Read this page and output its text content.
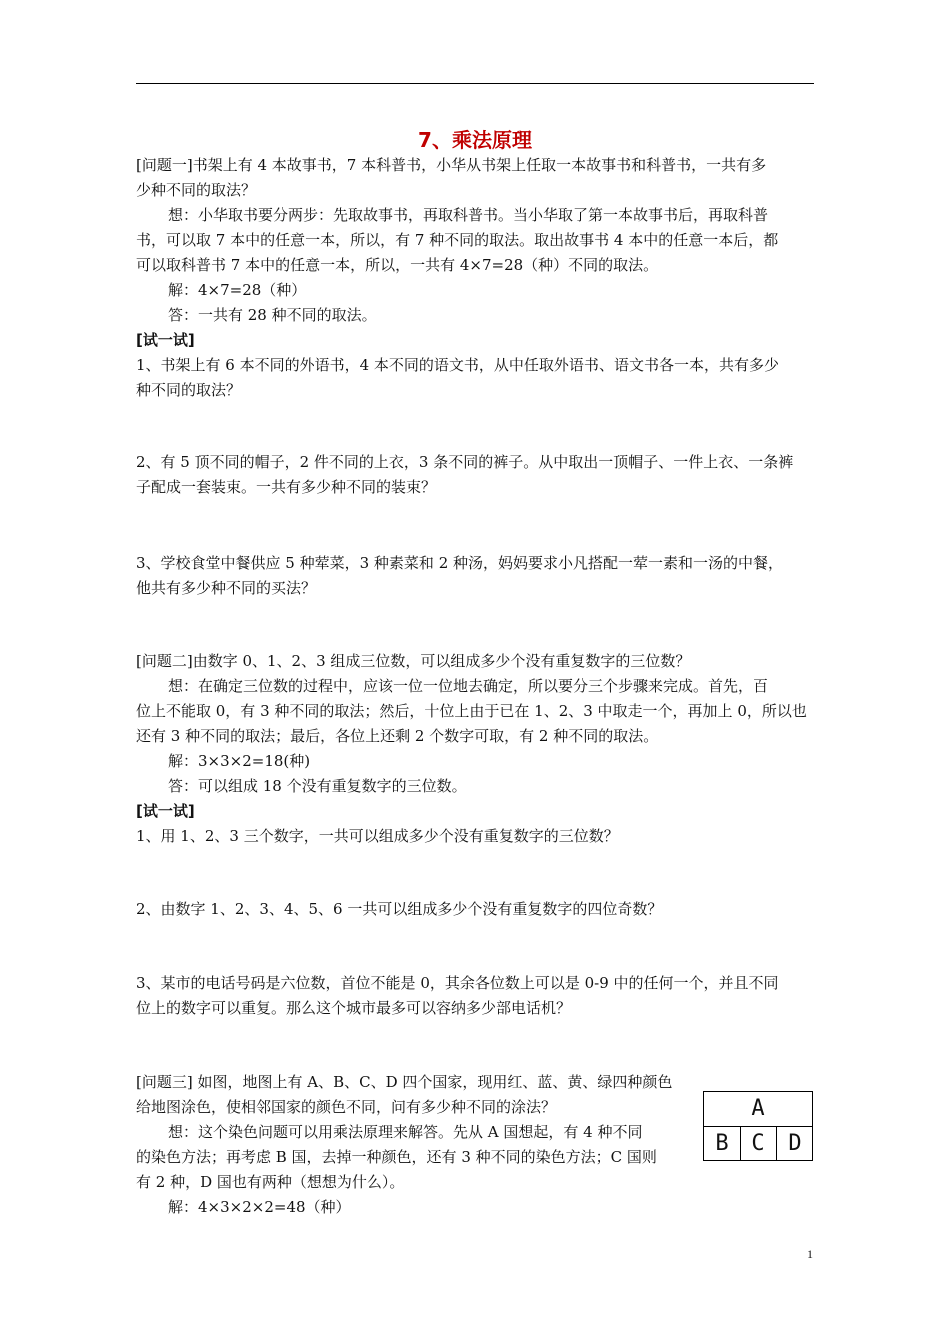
7、乘法原理
[问题一]书架上有 4 本故事书，7 本科普书，小华从书架上任取一本故事书和科普书，一共有多
少种不同的取法？
想：小华取书要分两步：先取故事书，再取科普书。当小华取了第一本故事书后，再取科普
书，可以取 7 本中的任意一本，所以，有 7 种不同的取法。取出故事书 4 本中的任意一本后，都
可以取科普书 7 本中的任意一本，所以，一共有 4×7=28（种）不同的取法。
解：4×7=28（种）
答：一共有 28 种不同的取法。
[试一试]
1、书架上有 6 本不同的外语书，4 本不同的语文书，从中任取外语书、语文书各一本，共有多少
种不同的取法？
2、有 5 顶不同的帽子，2 件不同的上衣，3 条不同的裤子。从中取出一顶帽子、一件上衣、一条裤
子配成一套装束。一共有多少种不同的装束？
3、学校食堂中餐供应 5 种荤菜，3 种素菜和 2 种汤，妈妈要求小凡搭配一荤一素和一汤的中餐，
他共有多少种不同的买法？
[问题二]由数字 0、1、2、3 组成三位数，可以组成多少个没有重复数字的三位数？
想：在确定三位数的过程中，应该一位一位地去确定，所以要分三个步骤来完成。首先，百
位上不能取 0，有 3 种不同的取法；然后，十位上由于已在 1、2、3 中取走一个，再加上 0，所以也
还有 3 种不同的取法；最后，各位上还剩 2 个数字可取，有 2 种不同的取法。
解：3×3×2=18(种)
答：可以组成 18 个没有重复数字的三位数。
[试一试]
1、用 1、2、3 三个数字，一共可以组成多少个没有重复数字的三位数？
2、由数字 1、2、3、4、5、6 一共可以组成多少个没有重复数字的四位奇数？
3、某市的电话号码是六位数，首位不能是 0，其余各位数上可以是 0-9 中的任何一个，并且不同
位上的数字可以重复。那么这个城市最多可以容纳多少部电话机？
[问题三] 如图，地图上有 A、B、C、D 四个国家，现用红、蓝、黄、绿四种颜色
给地图涂色，使相邻国家的颜色不同，问有多少种不同的涂法？
想：这个染色问题可以用乘法原理来解答。先从 A 国想起，有 4 种不同
的染色方法；再考虑 B 国，去掉一种颜色，还有 3 种不同的染色方法；C 国则
有 2 种，D 国也有两种（想想为什么）。
解：4×3×2×2=48（种）
A
B	C	D
1
